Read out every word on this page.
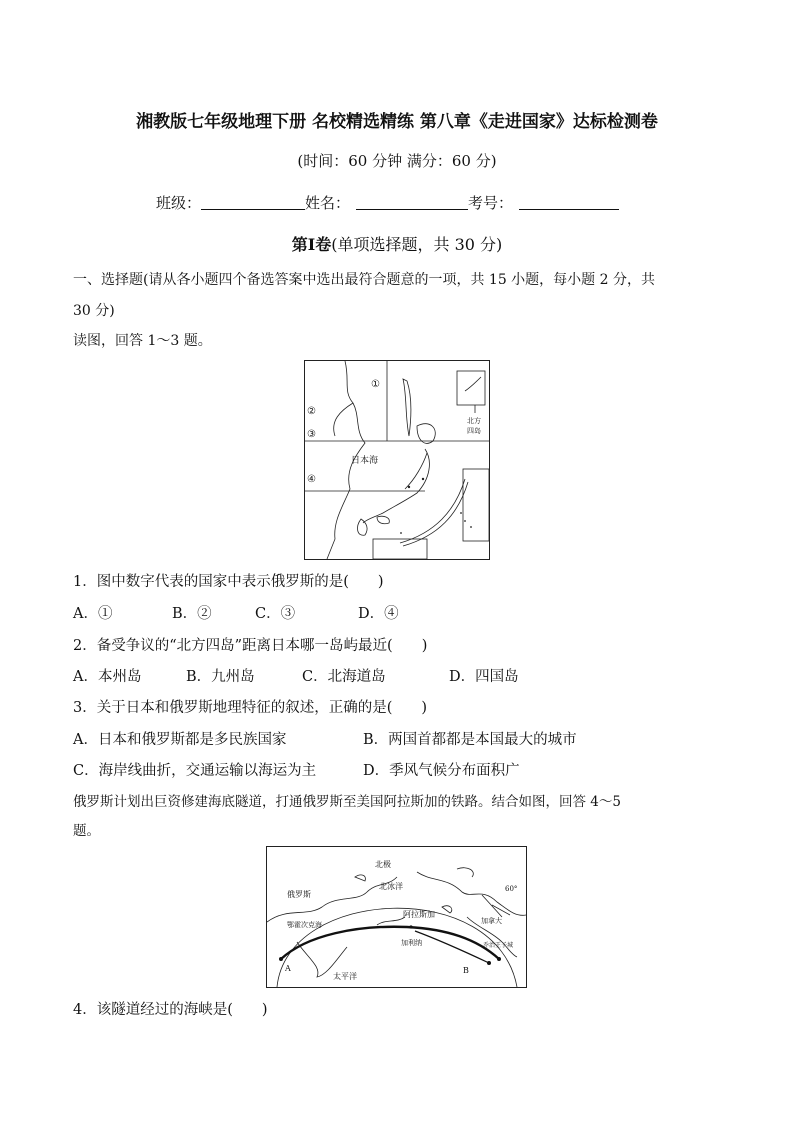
湘教版七年级地理下册 名校精选精练 第八章《走进国家》达标检测卷
(时间：60 分钟 满分：60 分)
班级：	姓名：	考号：
第Ⅰ卷(单项选择题，共 30 分)
一、选择题(请从各小题四个备选答案中选出最符合题意的一项，共 15 小题，每小题 2 分，共
30 分)
读图，回答 1～3 题。
①
②
③
④
日本海
北方
四岛
1．图中数字代表的国家中表示俄罗斯的是(　　)
A．①	B．②	C．③	D．④
2．备受争议的“北方四岛”距离日本哪一岛屿最近(　　)
A．本州岛	B．九州岛	C．北海道岛	D．四国岛
3．关于日本和俄罗斯地理特征的叙述，正确的是(　　)
A．日本和俄罗斯都是多民族国家	B．两国首都都是本国最大的城市
C．海岸线曲折，交通运输以海运为主	D．季风气候分布面积广
俄罗斯计划出巨资修建海底隧道，打通俄罗斯至美国阿拉斯加的铁路。结合如图，回答 4～5
题。
北极
北冰洋
俄罗斯
鄂霍次克海
阿拉斯加
加利纳
加拿大
60°
乔治王子城
太平洋
A	B
4．该隧道经过的海峡是(　　)
